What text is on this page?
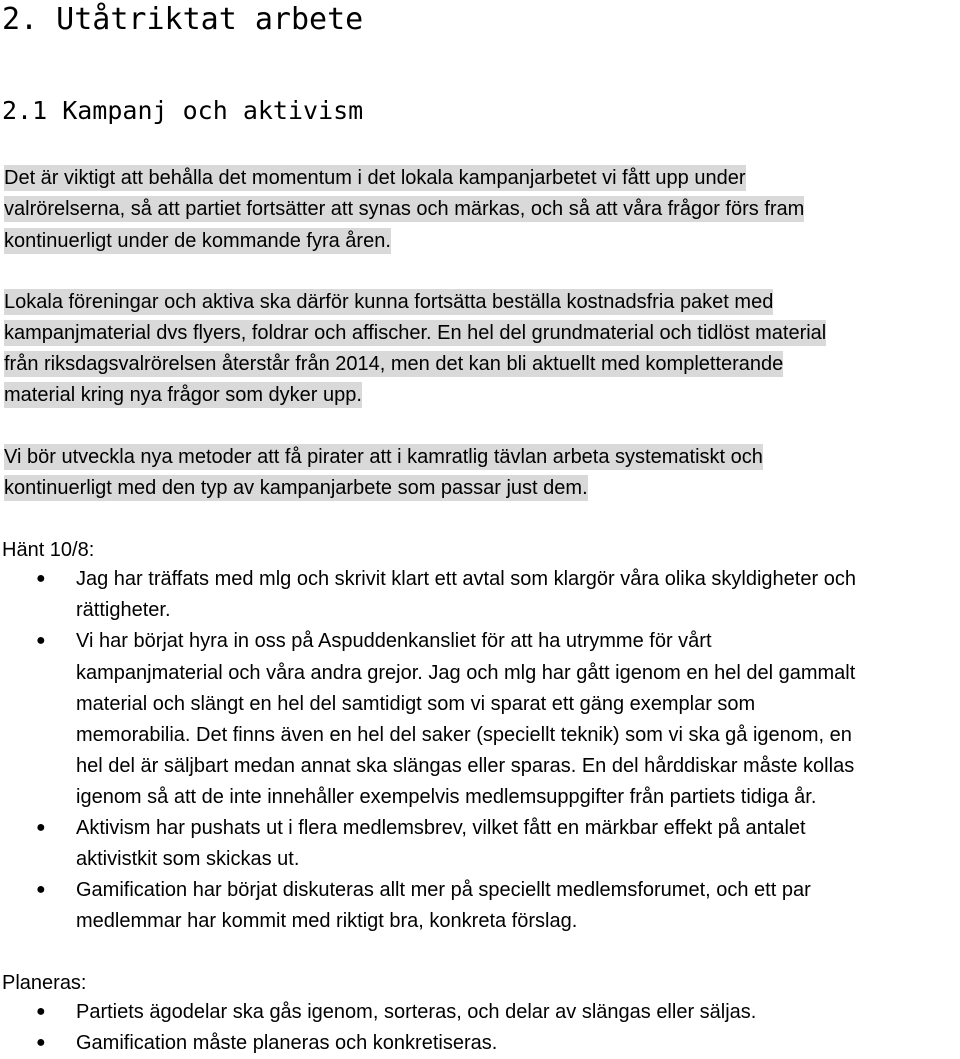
2. Utåtriktat arbete
2.1 Kampanj och aktivism
Det är viktigt att behålla det momentum i det lokala kampanjarbetet vi fått upp under
valrörelserna, så att partiet fortsätter att synas och märkas, och så att våra frågor förs fram
kontinuerligt under de kommande fyra åren.
Lokala föreningar och aktiva ska därför kunna fortsätta beställa kostnadsfria paket med
kampanjmaterial dvs flyers, foldrar och affischer. En hel del grundmaterial och tidlöst material
från riksdagsvalrörelsen återstår från 2014, men det kan bli aktuellt med kompletterande
material kring nya frågor som dyker upp.
Vi bör utveckla nya metoder att få pirater att i kamratlig tävlan arbeta systematiskt och
kontinuerligt med den typ av kampanjarbete som passar just dem.
Hänt 10/8:
● Jag har träffats med mlg och skrivit klart ett avtal som klargör våra olika skyldigheter och
rättigheter.
● Vi har börjat hyra in oss på Aspuddenkansliet för att ha utrymme för vårt
kampanjmaterial och våra andra grejor. Jag och mlg har gått igenom en hel del gammalt
material och slängt en hel del samtidigt som vi sparat ett gäng exemplar som
memorabilia. Det finns även en hel del saker (speciellt teknik) som vi ska gå igenom, en
hel del är säljbart medan annat ska slängas eller sparas. En del hårddiskar måste kollas
igenom så att de inte innehåller exempelvis medlemsuppgifter från partiets tidiga år.
● Aktivism har pushats ut i flera medlemsbrev, vilket fått en märkbar effekt på antalet
aktivistkit som skickas ut.
● Gamification har börjat diskuteras allt mer på speciellt medlemsforumet, och ett par
medlemmar har kommit med riktigt bra, konkreta förslag.
Planeras:
● Partiets ägodelar ska gås igenom, sorteras, och delar av slängas eller säljas.
● Gamification måste planeras och konkretiseras.
